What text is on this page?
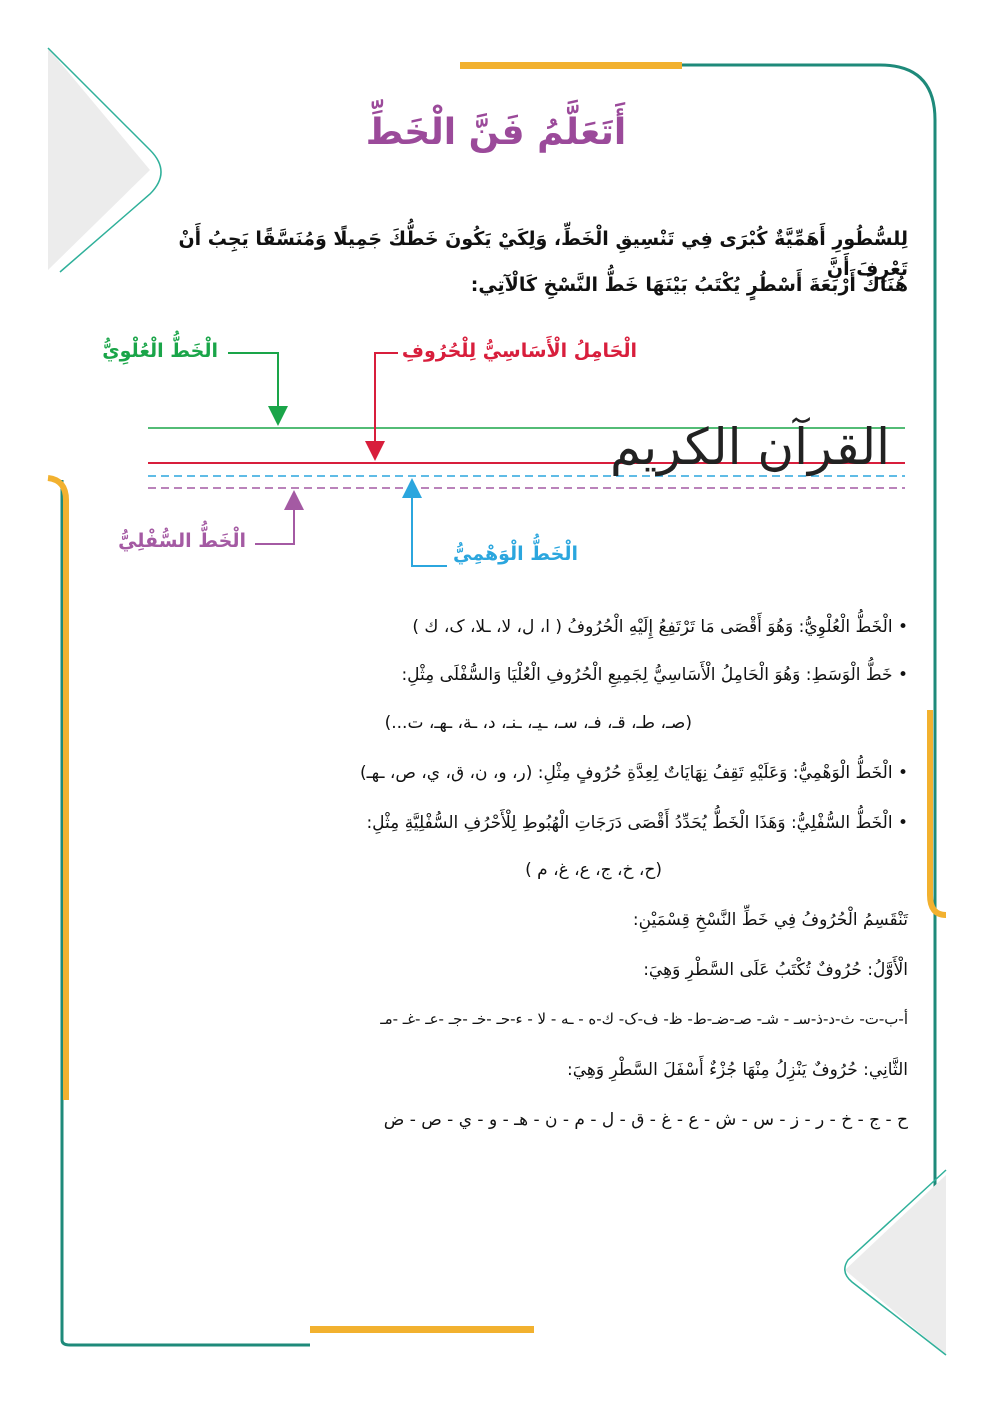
أَتَعَلَّمُ فَنَّ الْخَطِّ
لِلسُّطُورِ أَهَمِّيَّةٌ كُبْرَى فِي تَنْسِيقِ الْخَطِّ، وَلِكَيْ يَكُونَ خَطُّكَ جَمِيلًا وَمُنَسَّقًا يَجِبُ أَنْ تَعْرِفَ أَنَّ
هُنَاكَ أَرْبَعَةَ أَسْطُرٍ يُكْتَبُ بَيْنَهَا خَطُّ النَّسْخِ كَالْآتِي:
الْخَطُّ الْعُلْوِيُّ	الْحَامِلُ الْأَسَاسِيُّ لِلْحُرُوفِ
الْخَطُّ السُّفْلِيُّ
الْخَطُّ الْوَهْمِيُّ
القرآن الكريم
• الْخَطُّ الْعُلْوِيُّ: وَهُوَ أَقْصَى مَا تَرْتَفِعُ إِلَيْهِ الْحُرُوفُ ( ا، ل، لا، ـلا، ک، ك )
• خَطُّ الْوَسَطِ: وَهُوَ الْحَامِلُ الْأَسَاسِيُّ لِجَمِيعِ الْحُرُوفِ الْعُلْيَا وَالسُّفْلَى مِثْلِ:
(صـ، طـ، قـ، فـ، سـ، ـيـ، ـنـ، د، ـة، ـهـ، ت...)
• الْخَطُّ الْوَهْمِيُّ: وَعَلَيْهِ تَقِفُ نِهَايَاتٌ لِعِدَّةِ حُرُوفٍ مِثْلِ: (ر، و، ن، ق، ي، ص، ـهـ)
• الْخَطُّ السُّفْلِيُّ: وَهَذَا الْخَطُّ يُحَدِّدُ أَقْصَى دَرَجَاتِ الْهُبُوطِ لِلْأَحْرُفِ السُّفْلِيَّةِ مِثْلِ:
(ح، خ، ج، ع، غ، م )
تَنْقَسِمُ الْحُرُوفُ فِي خَطِّ النَّسْخِ قِسْمَيْنِ:
الْأَوَّلُ: حُرُوفٌ تُكْتَبُ عَلَى السَّطْرِ وَهِيَ:
أ-ب-ت- ث-د-ذ-سـ - شـ- صـ-ضـ-ط- ظ- ف-ک- ك-ه - ـه - لا - ء-حـ -خـ -جـ -عـ -غـ -مـ
الثَّانِي: حُرُوفٌ يَنْزِلُ مِنْهَا جُزْءٌ أَسْفَلَ السَّطْرِ وَهِيَ:
ح - ج - خ - ر - ز - س - ش - ع - غ - ق - ل - م - ن - هـ - و - ي - ص - ض
